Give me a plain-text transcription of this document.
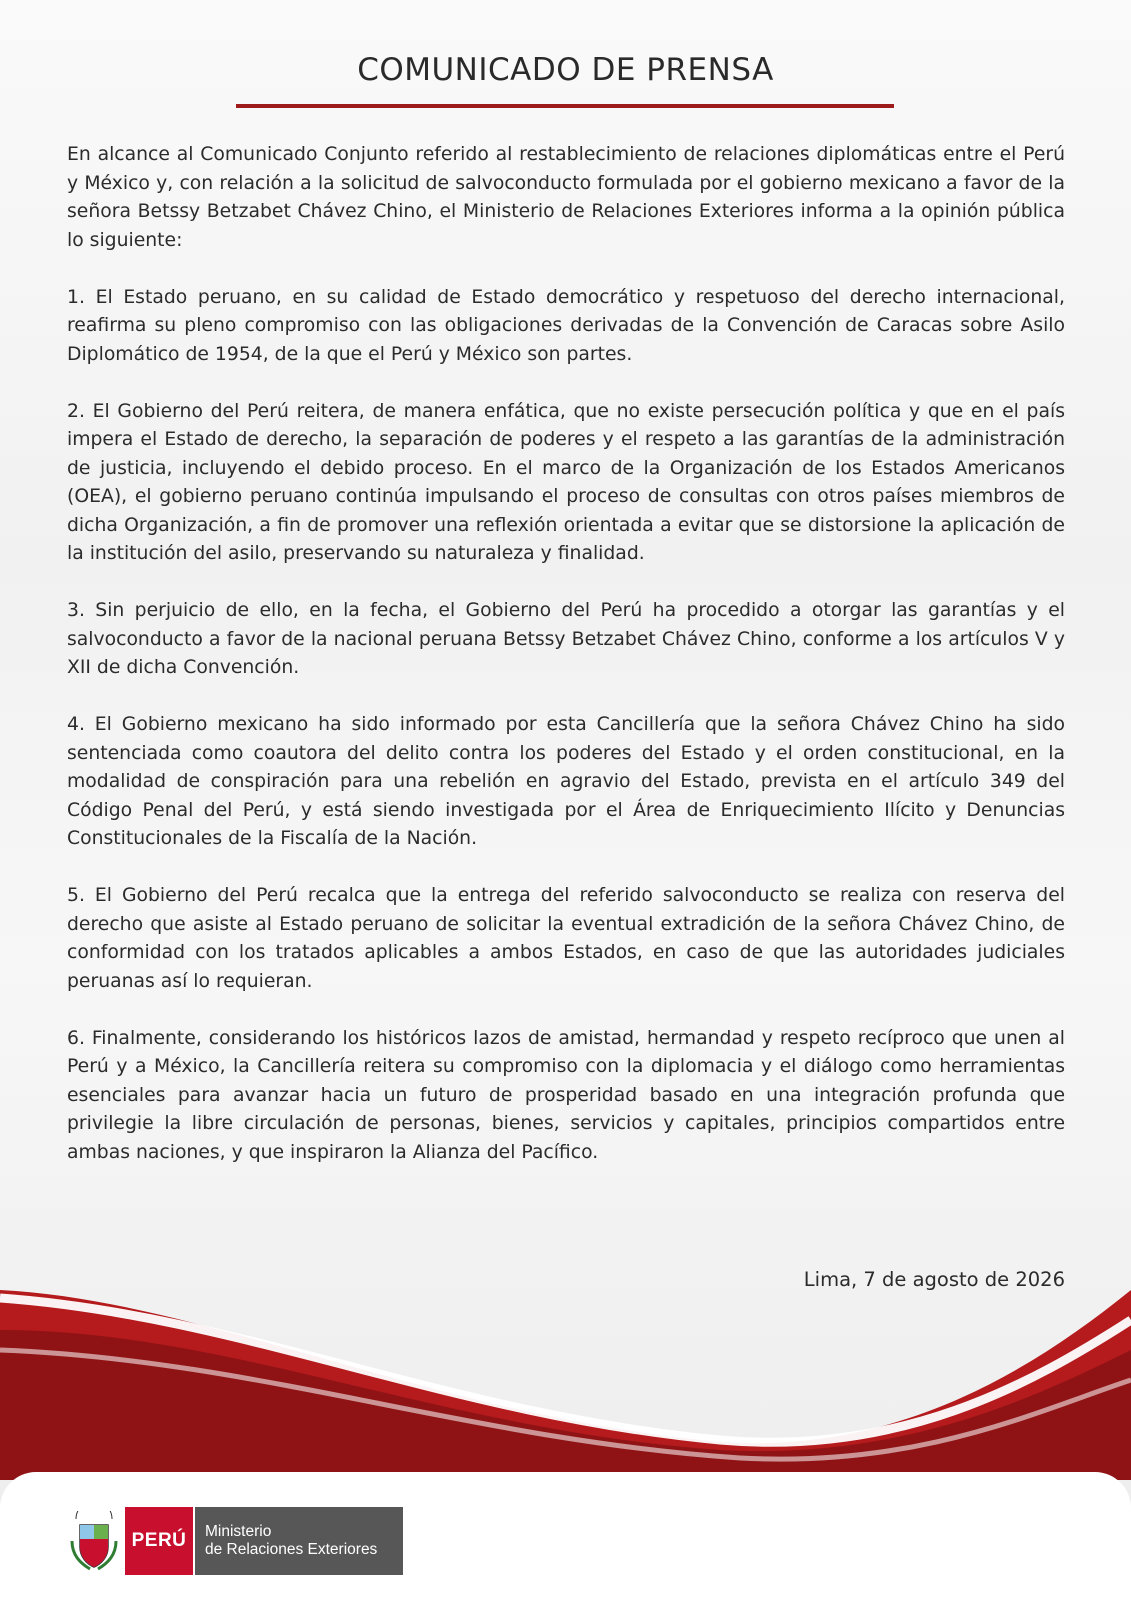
COMUNICADO DE PRENSA

En alcance al Comunicado Conjunto referido al restablecimiento de relaciones diplomáticas entre el Perú y México y, con relación a la solicitud de salvoconducto formulada por el gobierno mexicano a favor de la señora Betssy Betzabet Chávez Chino, el Ministerio de Relaciones Exteriores informa a la opinión pública lo siguiente:

1. El Estado peruano, en su calidad de Estado democrático y respetuoso del derecho internacional, reafirma su pleno compromiso con las obligaciones derivadas de la Convención de Caracas sobre Asilo Diplomático de 1954, de la que el Perú y México son partes.

2. El Gobierno del Perú reitera, de manera enfática, que no existe persecución política y que en el país impera el Estado de derecho, la separación de poderes y el respeto a las garantías de la administración de justicia, incluyendo el debido proceso. En el marco de la Organización de los Estados Americanos (OEA), el gobierno peruano continúa impulsando el proceso de consultas con otros países miembros de dicha Organización, a fin de promover una reflexión orientada a evitar que se distorsione la aplicación de la institución del asilo, preservando su naturaleza y finalidad.

3. Sin perjuicio de ello, en la fecha, el Gobierno del Perú ha procedido a otorgar las garantías y el salvoconducto a favor de la nacional peruana Betssy Betzabet Chávez Chino, conforme a los artículos V y XII de dicha Convención.

4. El Gobierno mexicano ha sido informado por esta Cancillería que la señora Chávez Chino ha sido sentenciada como coautora del delito contra los poderes del Estado y el orden constitucional, en la modalidad de conspiración para una rebelión en agravio del Estado, prevista en el artículo 349 del Código Penal del Perú, y está siendo investigada por el Área de Enriquecimiento Ilícito y Denuncias Constitucionales de la Fiscalía de la Nación.

5. El Gobierno del Perú recalca que la entrega del referido salvoconducto se realiza con reserva del derecho que asiste al Estado peruano de solicitar la eventual extradición de la señora Chávez Chino, de conformidad con los tratados aplicables a ambos Estados, en caso de que las autoridades judiciales peruanas así lo requieran.

6. Finalmente, considerando los históricos lazos de amistad, hermandad y respeto recíproco que unen al Perú y a México, la Cancillería reitera su compromiso con la diplomacia y el diálogo como herramientas esenciales para avanzar hacia un futuro de prosperidad basado en una integración profunda que privilegie la libre circulación de personas, bienes, servicios y capitales, principios compartidos entre ambas naciones, y que inspiraron la Alianza del Pacífico.

Lima, 7 de agosto de 2026
PERÚ	Ministerio
de Relaciones Exteriores
